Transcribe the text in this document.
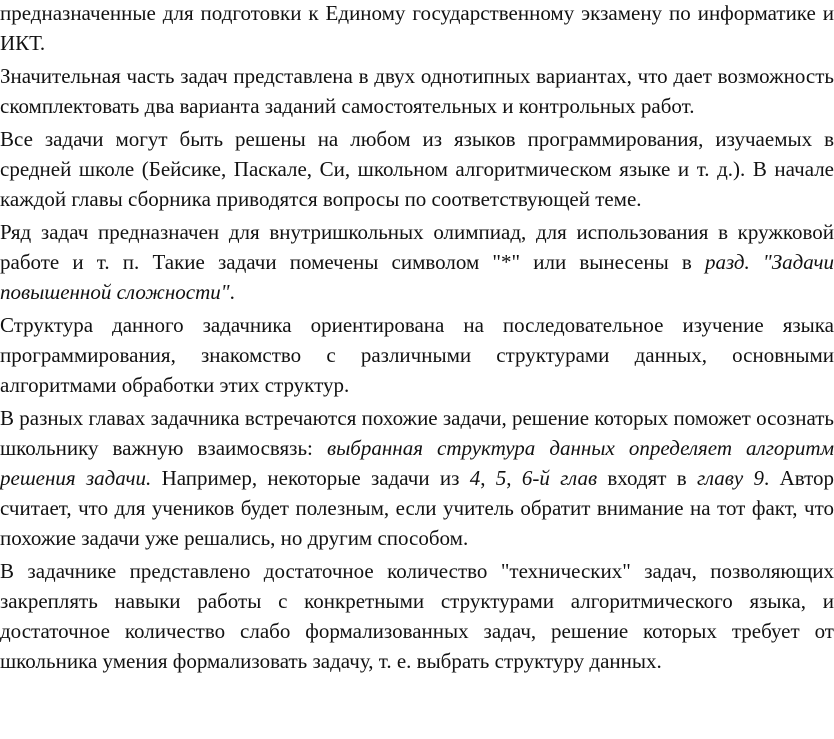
предназначенные для подготовки к Единому государственному экзамену по информатике и ИКТ.

Значительная часть задач представлена в двух однотипных вариантах, что дает возможность скомплектовать два варианта заданий самостоятельных и контрольных работ.

Все задачи могут быть решены на любом из языков программирования, изучаемых в средней школе (Бейсике, Паскале, Си, школьном алгоритмическом языке и т. д.). В начале каждой главы сборника приводятся вопросы по соответствующей теме.

Ряд задач предназначен для внутришкольных олимпиад, для использования в кружковой работе и т. п. Такие задачи помечены символом "*" или вынесены в разд. "Задачи повышенной сложности".

Структура данного задачника ориентирована на последовательное изучение языка программирования, знакомство с различными структурами данных, основными алгоритмами обработки этих структур.

В разных главах задачника встречаются похожие задачи, решение которых поможет осознать школьнику важную взаимосвязь: выбранная структура данных определяет алгоритм решения задачи. Например, некоторые задачи из 4, 5, 6-й глав входят в главу 9. Автор считает, что для учеников будет полезным, если учитель обратит внимание на тот факт, что похожие задачи уже решались, но другим способом.

В задачнике представлено достаточное количество "технических" задач, позволяющих закреплять навыки работы с конкретными структурами алгоритмического языка, и достаточное количество слабо формализованных задач, решение которых требует от школьника умения формализовать задачу, т. е. выбрать структуру данных.
